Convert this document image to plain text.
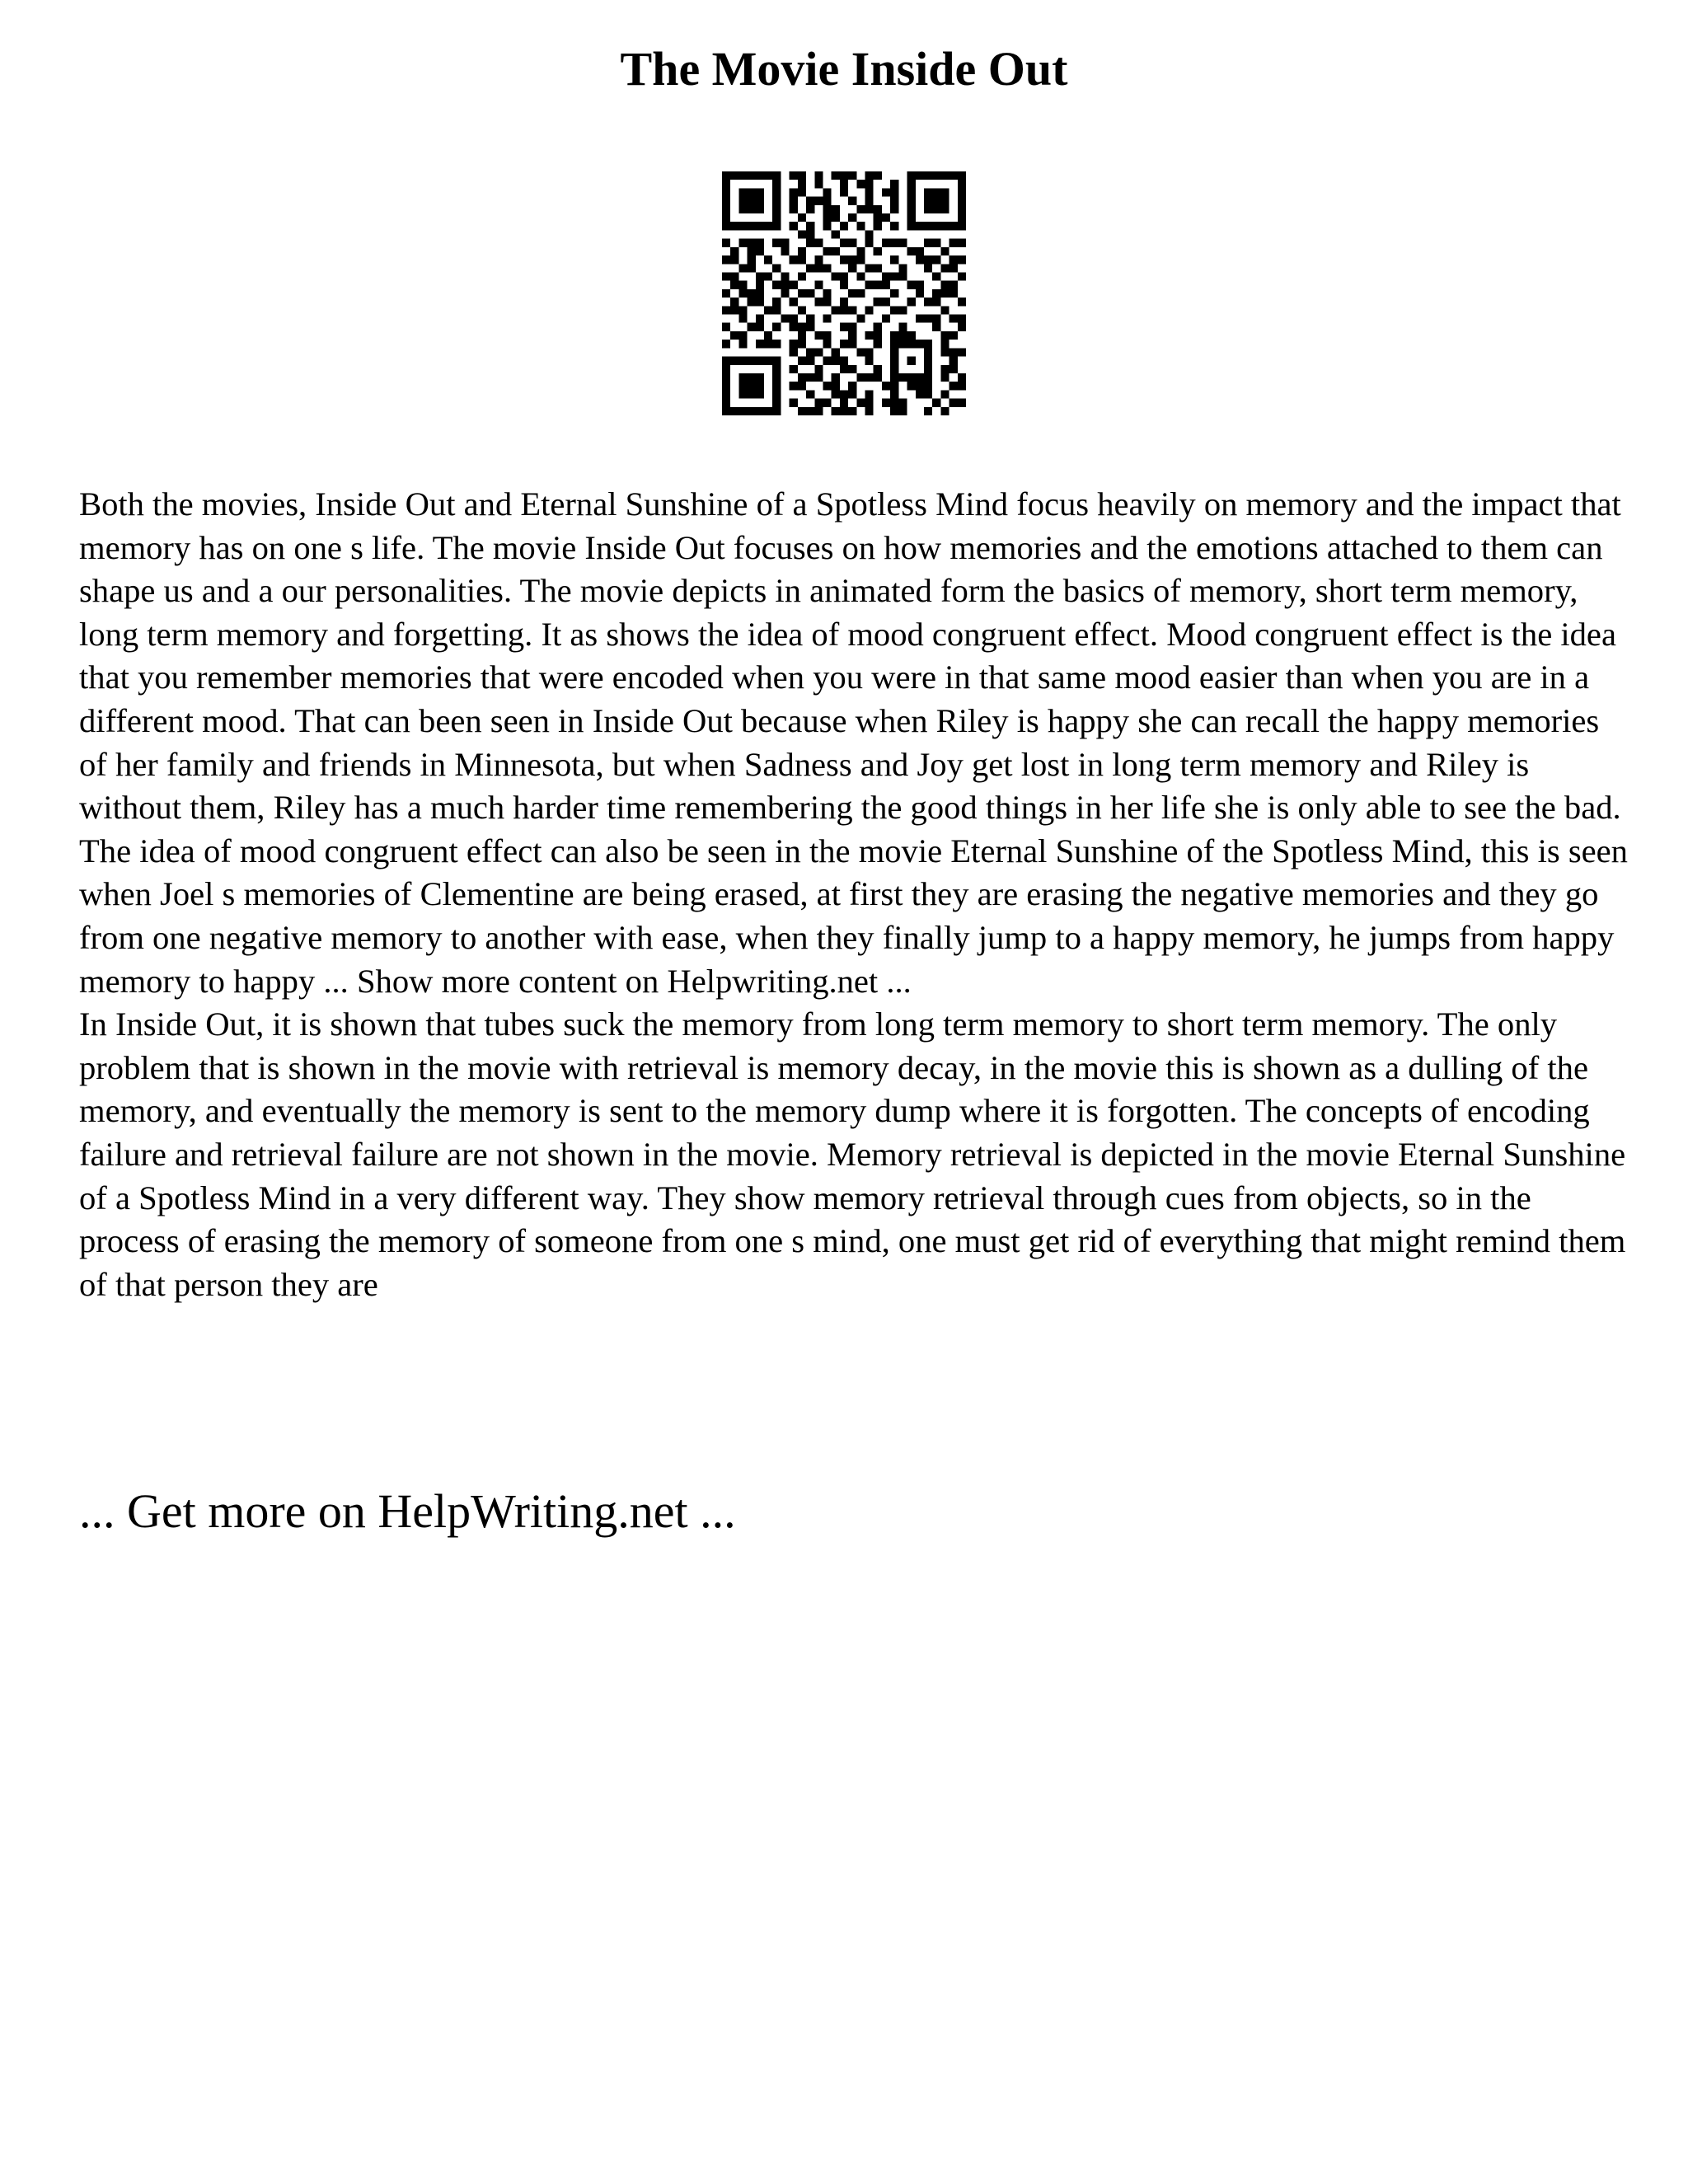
The Movie Inside Out

Both the movies, Inside Out and Eternal Sunshine of a Spotless Mind focus heavily on memory and the impact that memory has on one s life. The movie Inside Out focuses on how memories and the emotions attached to them can shape us and a our personalities. The movie depicts in animated form the basics of memory, short term memory, long term memory and forgetting. It as shows the idea of mood congruent effect. Mood congruent effect is the idea that you remember memories that were encoded when you were in that same mood easier than when you are in a different mood. That can been seen in Inside Out because when Riley is happy she can recall the happy memories of her family and friends in Minnesota, but when Sadness and Joy get lost in long term memory and Riley is without them, Riley has a much harder time remembering the good things in her life she is only able to see the bad. The idea of mood congruent effect can also be seen in the movie Eternal Sunshine of the Spotless Mind, this is seen when Joel s memories of Clementine are being erased, at first they are erasing the negative memories and they go from one negative memory to another with ease, when they finally jump to a happy memory, he jumps from happy memory to happy ... Show more content on Helpwriting.net ...

In Inside Out, it is shown that tubes suck the memory from long term memory to short term memory. The only problem that is shown in the movie with retrieval is memory decay, in the movie this is shown as a dulling of the memory, and eventually the memory is sent to the memory dump where it is forgotten. The concepts of encoding failure and retrieval failure are not shown in the movie. Memory retrieval is depicted in the movie Eternal Sunshine of a Spotless Mind in a very different way. They show memory retrieval through cues from objects, so in the process of erasing the memory of someone from one s mind, one must get rid of everything that might remind them of that person they are

... Get more on HelpWriting.net ...
